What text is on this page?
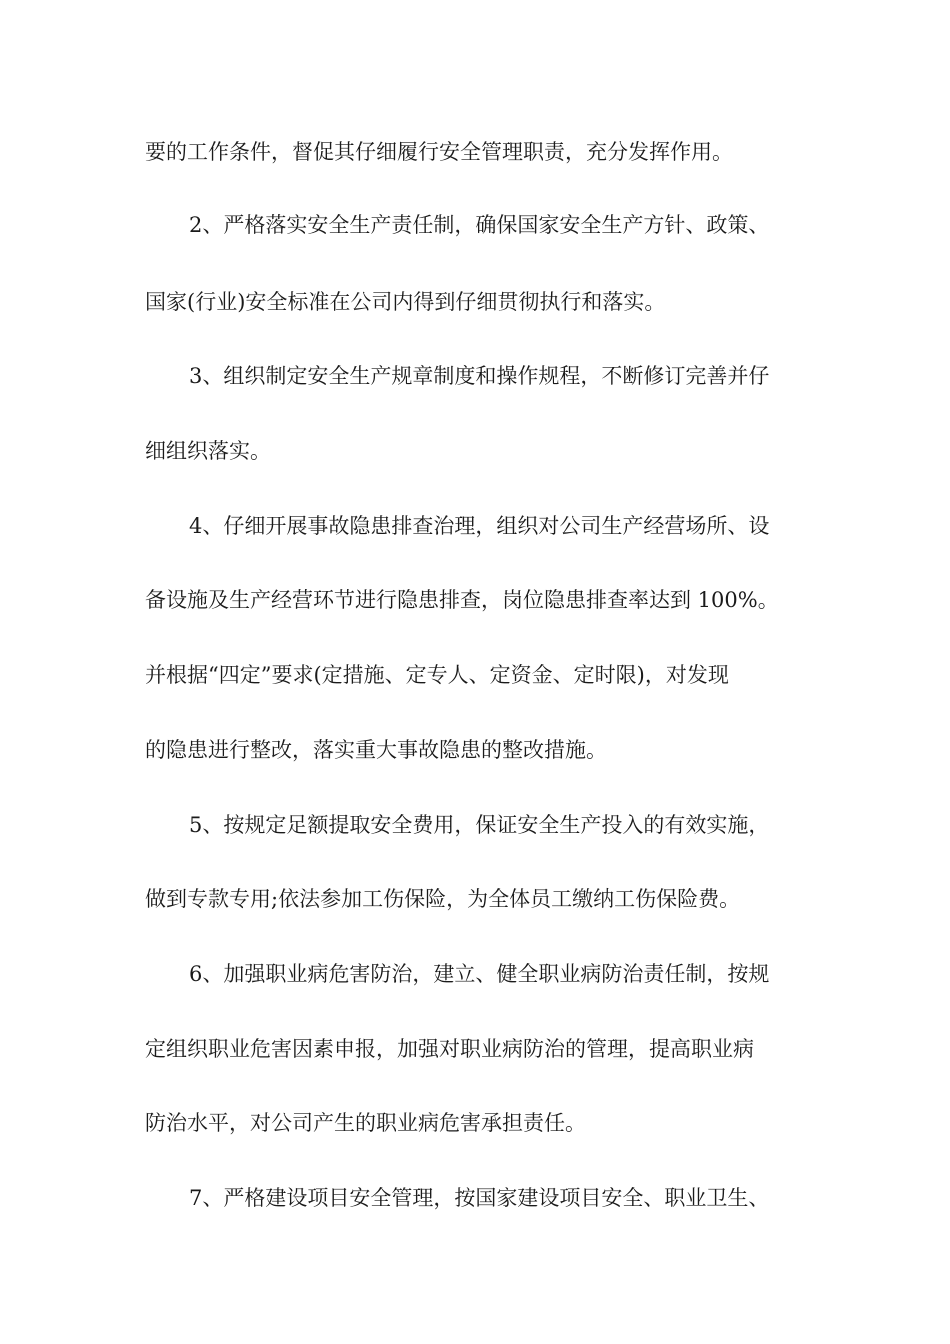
要的工作条件，督促其仔细履行安全管理职责，充分发挥作用。
2、严格落实安全生产责任制，确保国家安全生产方针、政策、
国家(行业)安全标准在公司内得到仔细贯彻执行和落实。
3、组织制定安全生产规章制度和操作规程，不断修订完善并仔
细组织落实。
4、仔细开展事故隐患排查治理，组织对公司生产经营场所、设
备设施及生产经营环节进行隐患排查，岗位隐患排查率达到 100%。
并根据“四定”要求(定措施、定专人、定资金、定时限)，对发现
的隐患进行整改，落实重大事故隐患的整改措施。
5、按规定足额提取安全费用，保证安全生产投入的有效实施，
做到专款专用;依法参加工伤保险，为全体员工缴纳工伤保险费。
6、加强职业病危害防治，建立、健全职业病防治责任制，按规
定组织职业危害因素申报，加强对职业病防治的管理，提高职业病
防治水平，对公司产生的职业病危害承担责任。
7、严格建设项目安全管理，按国家建设项目安全、职业卫生、
